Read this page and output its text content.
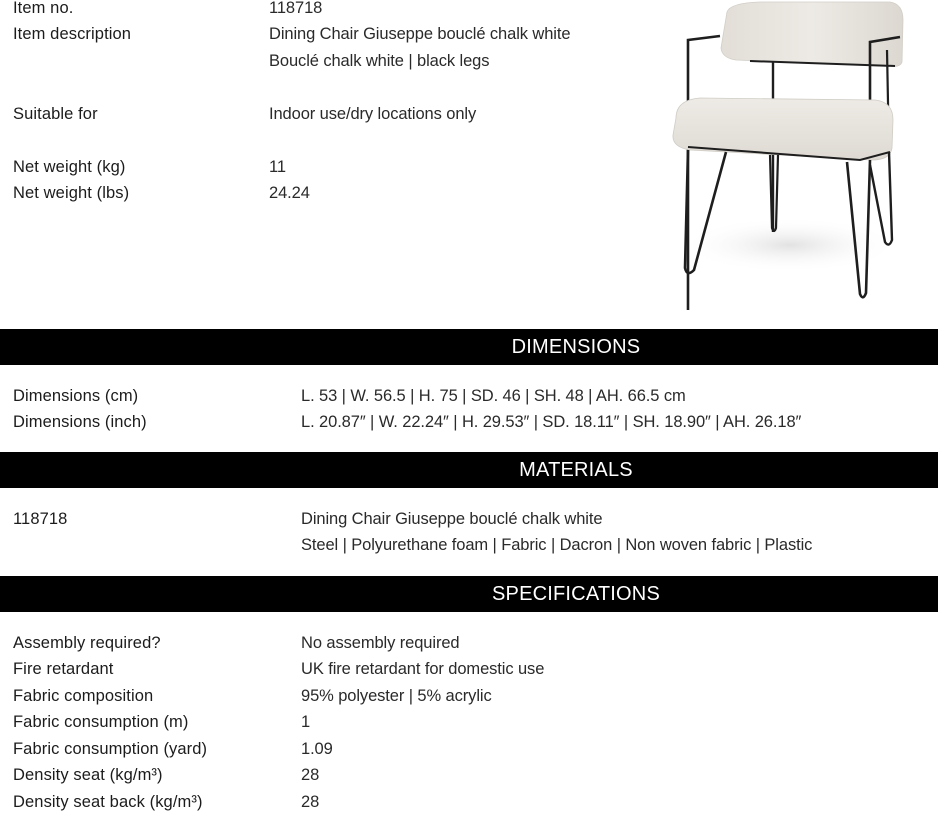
Item no.	118718
Item description	Dining Chair Giuseppe bouclé chalk white
Bouclé chalk white | black legs
Suitable for	Indoor use/dry locations only
Net weight (kg)	11
Net weight (lbs)	24.24
DIMENSIONS
Dimensions (cm)	L. 53 | W. 56.5 | H. 75 | SD. 46 | SH. 48 | AH. 66.5 cm
Dimensions (inch)	L. 20.87″ | W. 22.24″ | H. 29.53″ | SD. 18.11″ | SH. 18.90″ | AH. 26.18″
MATERIALS
118718	Dining Chair Giuseppe bouclé chalk white
Steel | Polyurethane foam | Fabric | Dacron | Non woven fabric | Plastic
SPECIFICATIONS
Assembly required?	No assembly required
Fire retardant	UK fire retardant for domestic use
Fabric composition	95% polyester | 5% acrylic
Fabric consumption (m)	1
Fabric consumption (yard)	1.09
Density seat (kg/m³)	28
Density seat back (kg/m³)	28
